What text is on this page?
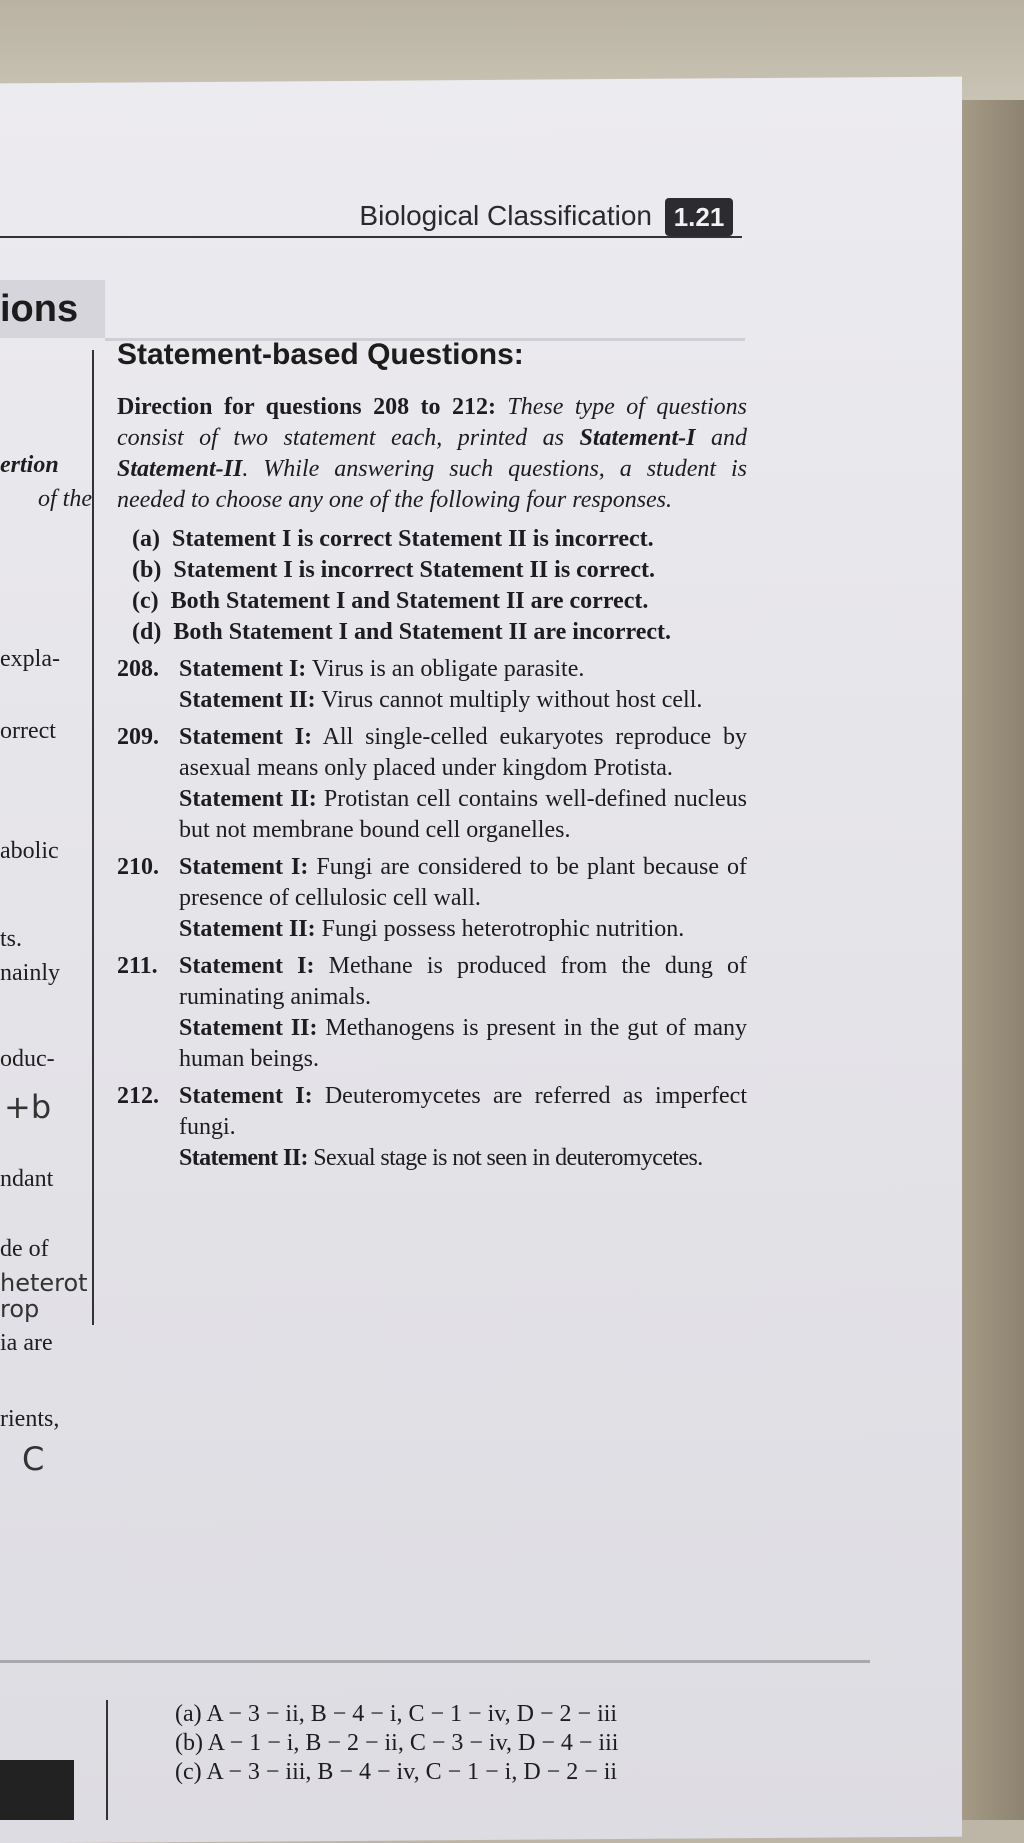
Biological Classification 1.21
ions
ertion
of the
expla-
orrect
abolic
ts.
nainly
oduc-
+b
ndant
de of
heterotrop
ia are
rients,
C
Statement-based Questions:

Direction for questions 208 to 212: These type of questions consist of two statement each, printed as Statement-I and Statement-II. While answering such questions, a student is needed to choose any one of the following four responses.

(a) Statement I is correct Statement II is incorrect.
(b) Statement I is incorrect Statement II is correct.
(c) Both Statement I and Statement II are correct.
(d) Both Statement I and Statement II are incorrect.
208. Statement I: Virus is an obligate parasite.
Statement II: Virus cannot multiply without host cell.
209. Statement I: All single-celled eukaryotes reproduce by asexual means only placed under kingdom Protista.
Statement II: Protistan cell contains well-defined nucleus but not membrane bound cell organelles.
210. Statement I: Fungi are considered to be plant because of presence of cellulosic cell wall.
Statement II: Fungi possess heterotrophic nutrition.
211. Statement I: Methane is produced from the dung of ruminating animals.
Statement II: Methanogens is present in the gut of many human beings.
212. Statement I: Deuteromycetes are referred as imperfect fungi.
Statement II: Sexual stage is not seen in deuteromycetes.
(a) A − 3 − ii, B − 4 − i, C − 1 − iv, D − 2 − iii
(b) A − 1 − i, B − 2 − ii, C − 3 − iv, D − 4 − iii
(c) A − 3 − iii, B − 4 − iv, C − 1 − i, D − 2 − ii
